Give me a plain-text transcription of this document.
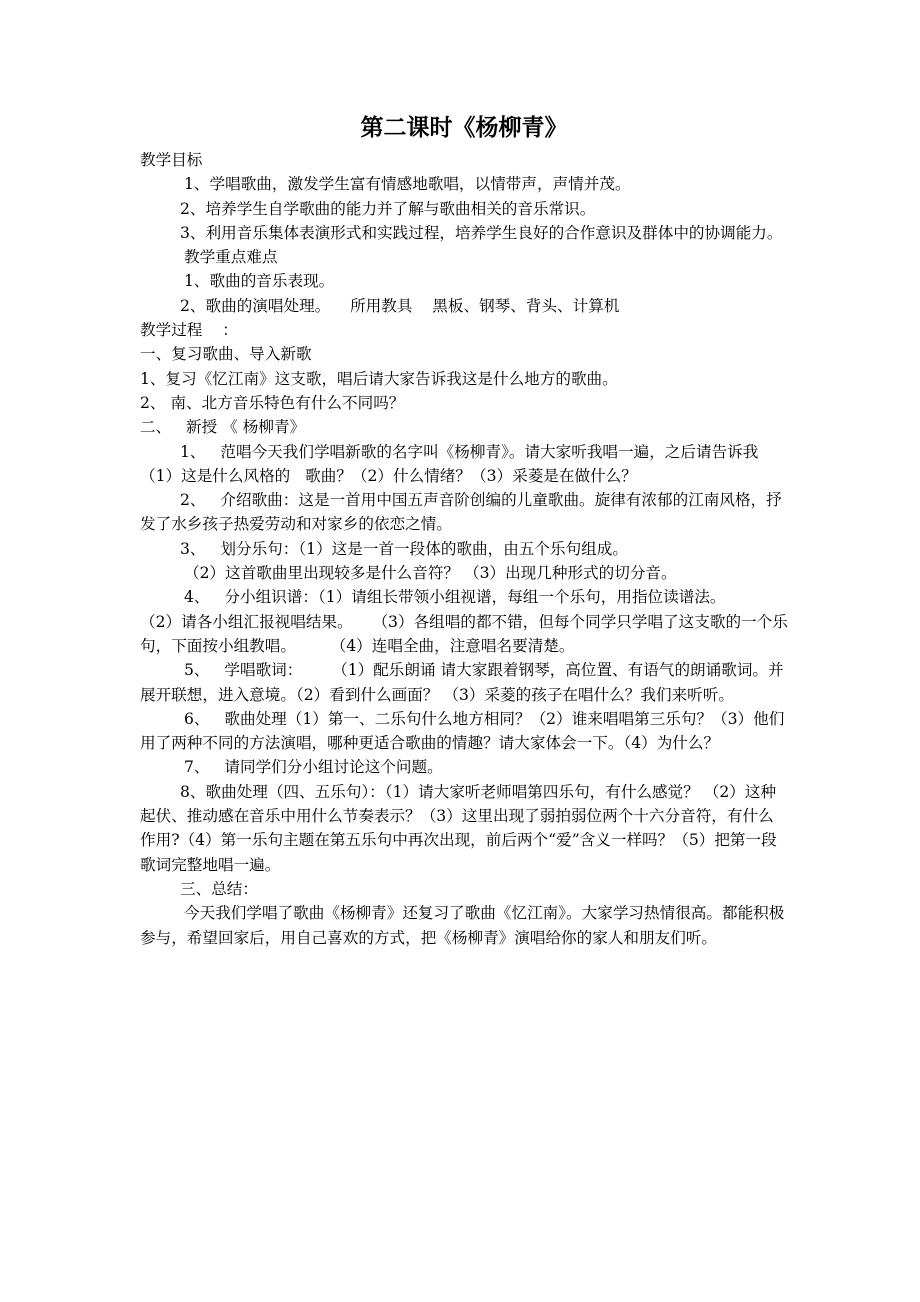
第二课时《杨柳青》

教学目标

1、学唱歌曲，激发学生富有情感地歌唱，以情带声，声情并茂。

2、培养学生自学歌曲的能力并了解与歌曲相关的音乐常识。

3、利用音乐集体表演形式和实践过程，培养学生良好的合作意识及群体中的协调能力。

教学重点难点

1、歌曲的音乐表现。

2、歌曲的演唱处理。    所用教具    黑板、钢琴、背头、计算机

教学过程    ：

一、复习歌曲、导入新歌

1、复习《忆江南》这支歌，唱后请大家告诉我这是什么地方的歌曲。

2、 南、北方音乐特色有什么不同吗？

二、   新授 《 杨柳青》

1、   范唱今天我们学唱新歌的名字叫《杨柳青》。请大家听我唱一遍，之后请告诉我（1）这是什么风格的   歌曲？（2）什么情绪？（3）采菱是在做什么？

2、   介绍歌曲：这是一首用中国五声音阶创编的儿童歌曲。旋律有浓郁的江南风格，抒发了水乡孩子热爱劳动和对家乡的依恋之情。

3、   划分乐句：（1）这是一首一段体的歌曲，由五个乐句组成。

（2）这首歌曲里出现较多是什么音符？ （3）出现几种形式的切分音。

4、   分小组识谱：（1）请组长带领小组视谱，每组一个乐句，用指位读谱法。      （2）请各小组汇报视唱结果。    （3）各组唱的都不错，但每个同学只学唱了这支歌的一个乐句，下面按小组教唱。       （4）连唱全曲，注意唱名要清楚。

5、   学唱歌词：      （1）配乐朗诵 请大家跟着钢琴，高位置、有语气的朗诵歌词。并展开联想，进入意境。（2）看到什么画面？ （3）采菱的孩子在唱什么？我们来听听。

6、   歌曲处理（1）第一、二乐句什么地方相同？（2）谁来唱唱第三乐句？（3）他们用了两种不同的方法演唱，哪种更适合歌曲的情趣？请大家体会一下。（4）为什么？

7、   请同学们分小组讨论这个问题。

8、歌曲处理（四、五乐句）：（1）请大家听老师唱第四乐句，有什么感觉？ （2）这种起伏、推动感在音乐中用什么节奏表示？（3）这里出现了弱拍弱位两个十六分音符，有什么作用?（4）第一乐句主题在第五乐句中再次出现，前后两个“爱”含义一样吗？（5）把第一段歌词完整地唱一遍。

三、总结：

今天我们学唱了歌曲《杨柳青》还复习了歌曲《忆江南》。大家学习热情很高。都能积极参与，希望回家后，用自己喜欢的方式，把《杨柳青》演唱给你的家人和朋友们听。
